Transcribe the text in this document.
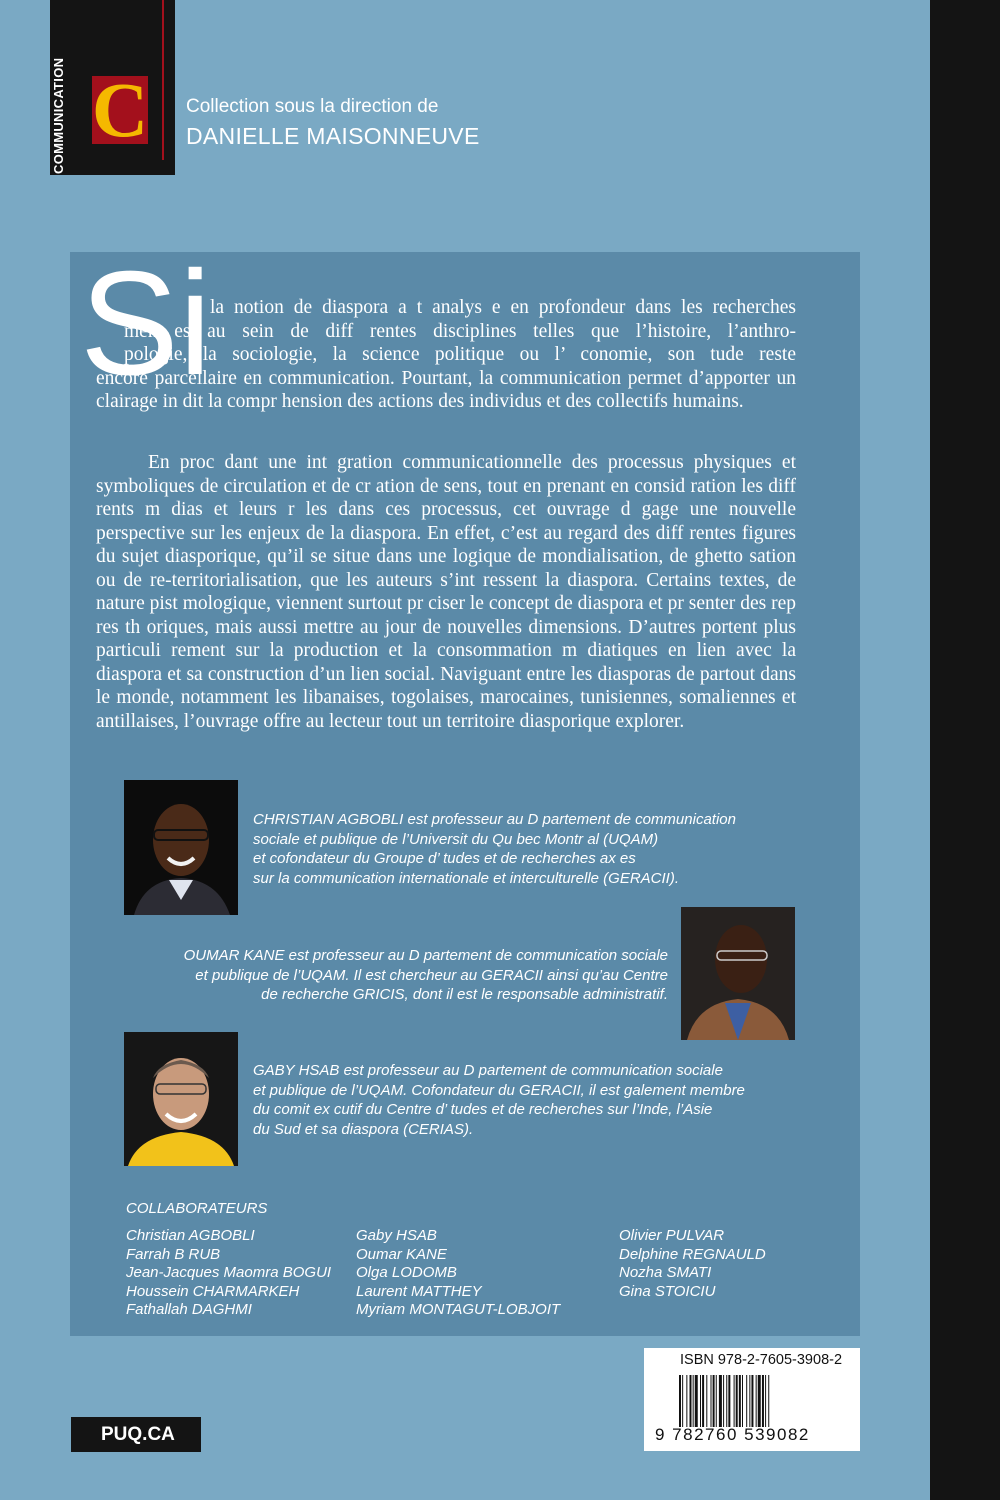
COMMUNICATION C Collection sous la direction de
DANIELLE MAISONNEUVE
Si
la notion de diaspora a t analys e en profondeur dans les recherches
men es au sein de diff rentes disciplines telles que l’histoire, l’anthro-
pologie, la sociologie, la science politique ou l’ conomie, son tude reste
encore parcellaire en communication. Pourtant, la communication permet d’apporter un clairage in dit la compr hension des actions des individus et des collectifs humains.

En proc dant une int gration communicationnelle des processus physiques et symboliques de circulation et de cr ation de sens, tout en prenant en consid ration les diff rents m dias et leurs r les dans ces processus, cet ouvrage d gage une nouvelle perspective sur les enjeux de la diaspora. En effet, c’est au regard des diff rentes figures du sujet diasporique, qu’il se situe dans une logique de mondialisation, de ghetto sation ou de re-territorialisation, que les auteurs s’int ressent la diaspora. Certains textes, de nature pist mologique, viennent surtout pr ciser le concept de diaspora et pr senter des rep res th oriques, mais aussi mettre au jour de nouvelles dimensions. D’autres portent plus particuli rement sur la production et la consommation m diatiques en lien avec la diaspora et sa construction d’un lien social. Naviguant entre les diasporas de partout dans le monde, notamment les libanaises, togolaises, marocaines, tunisiennes, somaliennes et antillaises, l’ouvrage offre au lecteur tout un territoire diasporique explorer.

CHRISTIAN AGBOBLI est professeur au D partement de communication
sociale et publique de l’Universit du Qu bec Montr al (UQAM)
et cofondateur du Groupe d’ tudes et de recherches ax es
sur la communication internationale et interculturelle (GERACII).
OUMAR KANE est professeur au D partement de communication sociale
et publique de l’UQAM. Il est chercheur au GERACII ainsi qu’au Centre
de recherche GRICIS, dont il est le responsable administratif.
GABY HSAB est professeur au D partement de communication sociale
et publique de l’UQAM. Cofondateur du GERACII, il est galement membre
du comit ex cutif du Centre d’ tudes et de recherches sur l’Inde, l’Asie
du Sud et sa diaspora (CERIAS).
COLLABORATEURS
Christian AGBOBLI
Farrah B RUB
Jean-Jacques Maomra BOGUI
Houssein CHARMARKEH
Fathallah DAGHMI
Gaby HSAB
Oumar KANE
Olga LODOMB
Laurent MATTHEY
Myriam MONTAGUT-LOBJOIT
Olivier PULVAR
Delphine REGNAULD
Nozha SMATI
Gina STOICIU
PUQ.CA
ISBN 978-2-7605-3908-2
9 782760 539082
